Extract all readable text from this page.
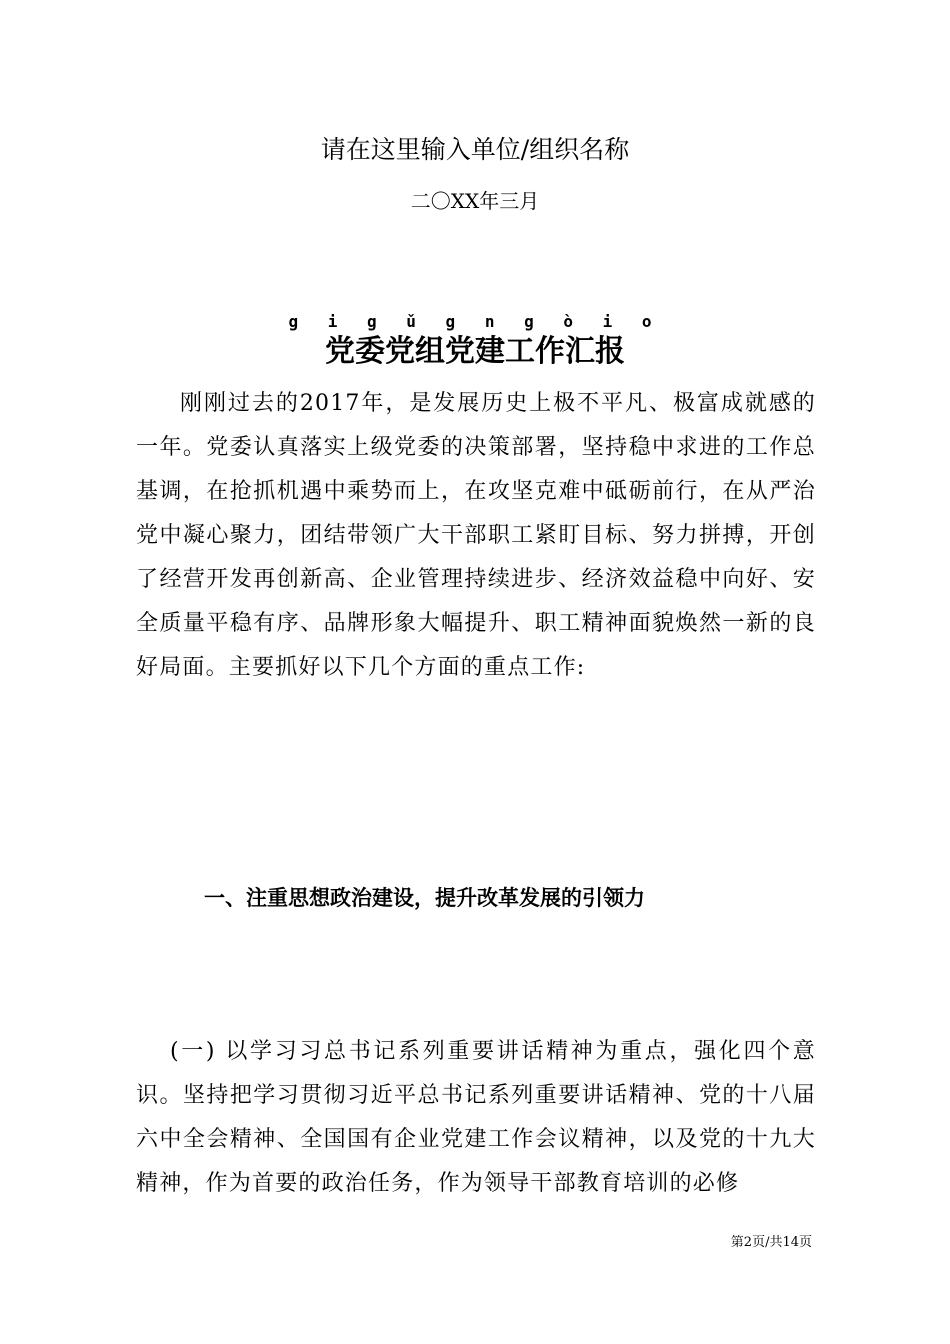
请在这里输入单位/组织名称
二〇XX年三月
g i g ǔ g n g ò i o
党委党组党建工作汇报

刚刚过去的2017年，是发展历史上极不平凡、极富成就感的一年。党委认真落实上级党委的决策部署，坚持稳中求进的工作总基调，在抢抓机遇中乘势而上，在攻坚克难中砥砺前行，在从严治党中凝心聚力，团结带领广大干部职工紧盯目标、努力拼搏，开创了经营开发再创新高、企业管理持续进步、经济效益稳中向好、安全质量平稳有序、品牌形象大幅提升、职工精神面貌焕然一新的良好局面。主要抓好以下几个方面的重点工作:

一、注重思想政治建设，提升改革发展的引领力

(一) 以学习习总书记系列重要讲话精神为重点，强化四个意识。坚持把学习贯彻习近平总书记系列重要讲话精神、党的十八届六中全会精神、全国国有企业党建工作会议精神，以及党的十九大精神，作为首要的政治任务，作为领导干部教育培训的必修

第2页/共14页
